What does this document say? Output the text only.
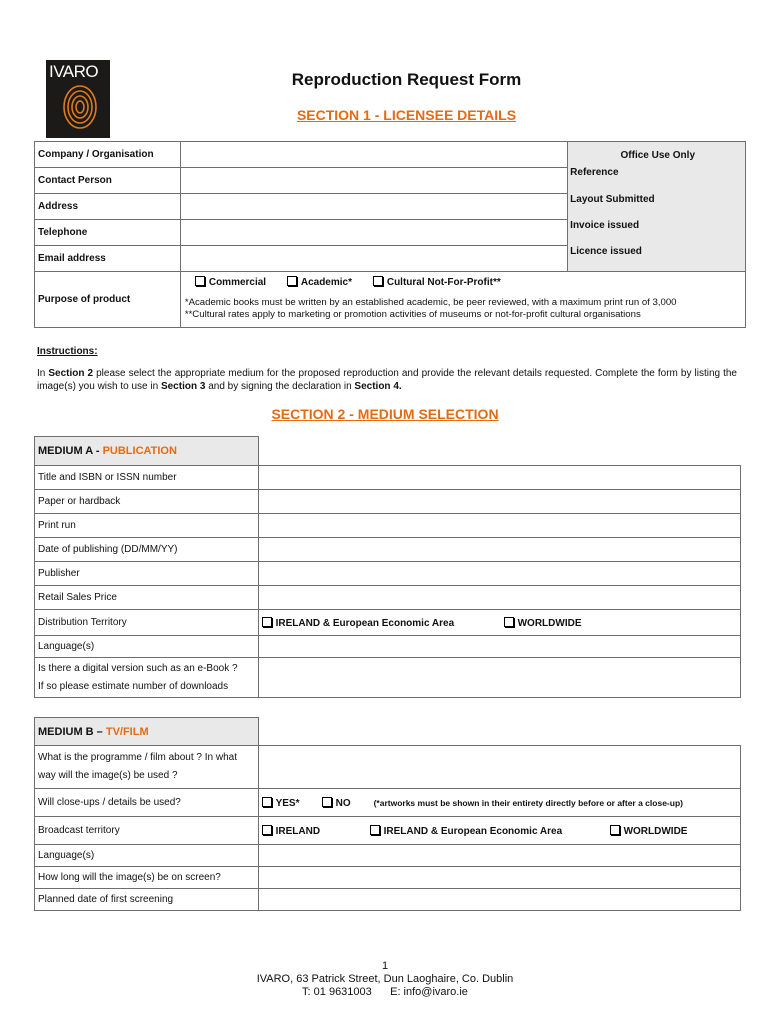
IVARO	Reproduction Request Form
SECTION 1 - LICENSEE DETAILS
Company / Organisation		Office Use Only
Reference
Layout Submitted
Invoice issued
Licence issued

Contact Person		
Address		
Telephone		
Email address		
Purpose of product	Commercial Academic* Cultural Not-For-Profit**
*Academic books must be written by an established academic, be peer reviewed, with a maximum print run of 3,000
**Cultural rates apply to marketing or promotion activities of museums or not-for-profit cultural organisations	
Instructions:
In Section 2 please select the appropriate medium for the proposed reproduction and provide the relevant details requested. Complete the form by listing the image(s) you wish to use in Section 3 and by signing the declaration in Section 4.
SECTION 2 - MEDIUM SELECTION
MEDIUM A - PUBLICATION	
Title and ISBN or ISSN number	
Paper or hardback	
Print run	
Date of publishing (DD/MM/YY)	
Publisher	
Retail Sales Price	
Distribution Territory	IRELAND & European Economic Area WORLDWIDE
Language(s)	

Is there a digital version such as an e-Book ?
If so please estimate number of downloads	

MEDIUM B – TV/FILM	

What is the programme / film about ? In what
way will the image(s) be used ?	

Will close-ups / details be used?	YES* NO (*artworks must be shown in their entirety directly before or after a close-up)
Broadcast territory	IRELAND IRELAND & European Economic Area WORLDWIDE
Language(s)	
How long will the image(s) be on screen?	
Planned date of first screening	
1
IVARO, 63 Patrick Street, Dun Laoghaire, Co. Dublin
T: 01 9631003      E: info@ivaro.ie
